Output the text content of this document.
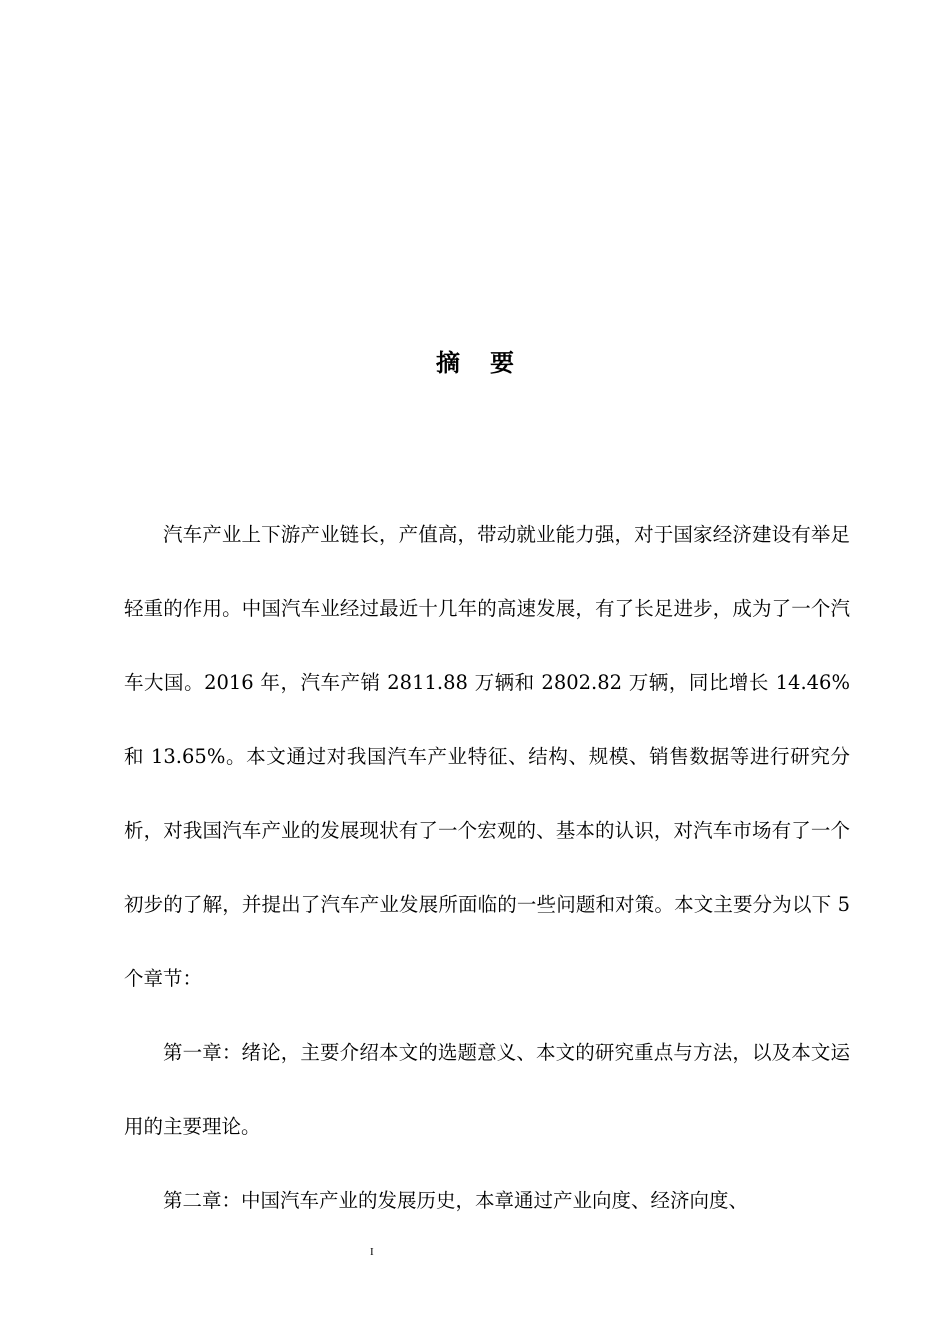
摘 要

汽车产业上下游产业链长，产值高，带动就业能力强，对于国家经济建设有举足轻重的作用。中国汽车业经过最近十几年的高速发展，有了长足进步，成为了一个汽车大国。2016 年，汽车产销 2811.88 万辆和 2802.82 万辆，同比增长 14.46%和 13.65%。本文通过对我国汽车产业特征、结构、规模、销售数据等进行研究分析，对我国汽车产业的发展现状有了一个宏观的、基本的认识，对汽车市场有了一个初步的了解，并提出了汽车产业发展所面临的一些问题和对策。本文主要分为以下 5 个章节：

第一章：绪论，主要介绍本文的选题意义、本文的研究重点与方法，以及本文运用的主要理论。

第二章：中国汽车产业的发展历史，本章通过产业向度、经济向度、

I
